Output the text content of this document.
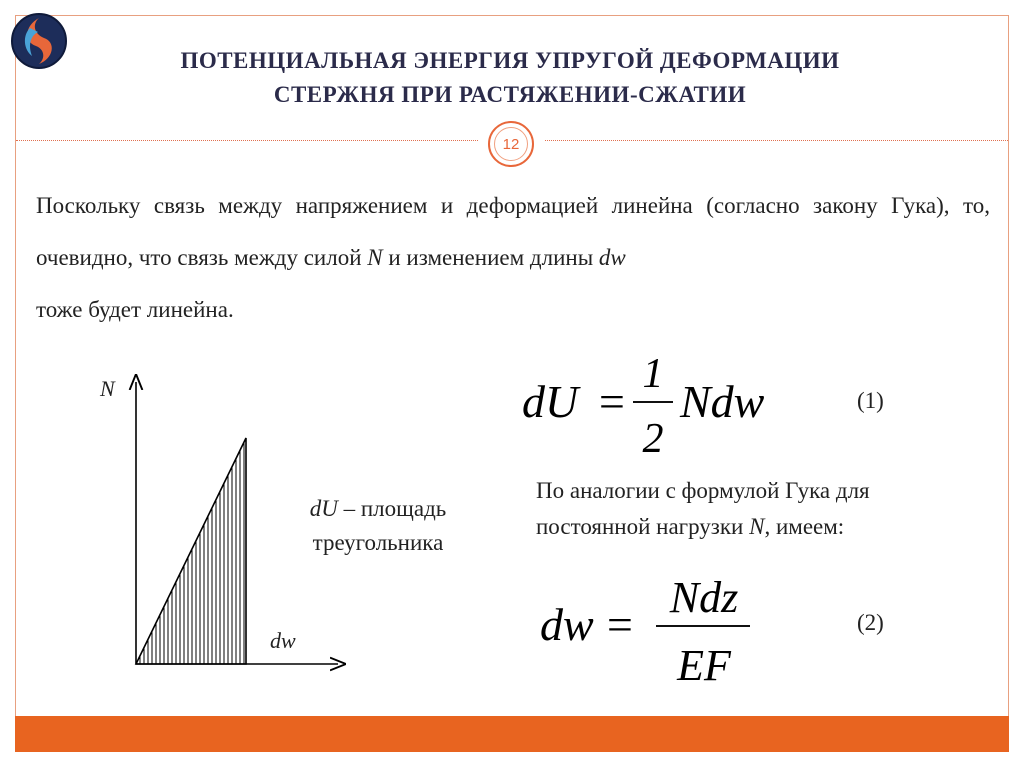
ПОТЕНЦИАЛЬНАЯ ЭНЕРГИЯ УПРУГОЙ ДЕФОРМАЦИИ
СТЕРЖНЯ ПРИ РАСТЯЖЕНИИ-СЖАТИИ
12
Поскольку связь между напряжением и деформацией линейна (согласно закону Гука), то, очевидно, что связь между силой N и изменением длины dw
тоже будет линейна.
N
dw
dU – площадь треугольника
dU =
1
2
Ndw	(1)
По аналогии с формулой Гука для постоянной нагрузки N, имеем:
dw =
Ndz
EF
(2)
